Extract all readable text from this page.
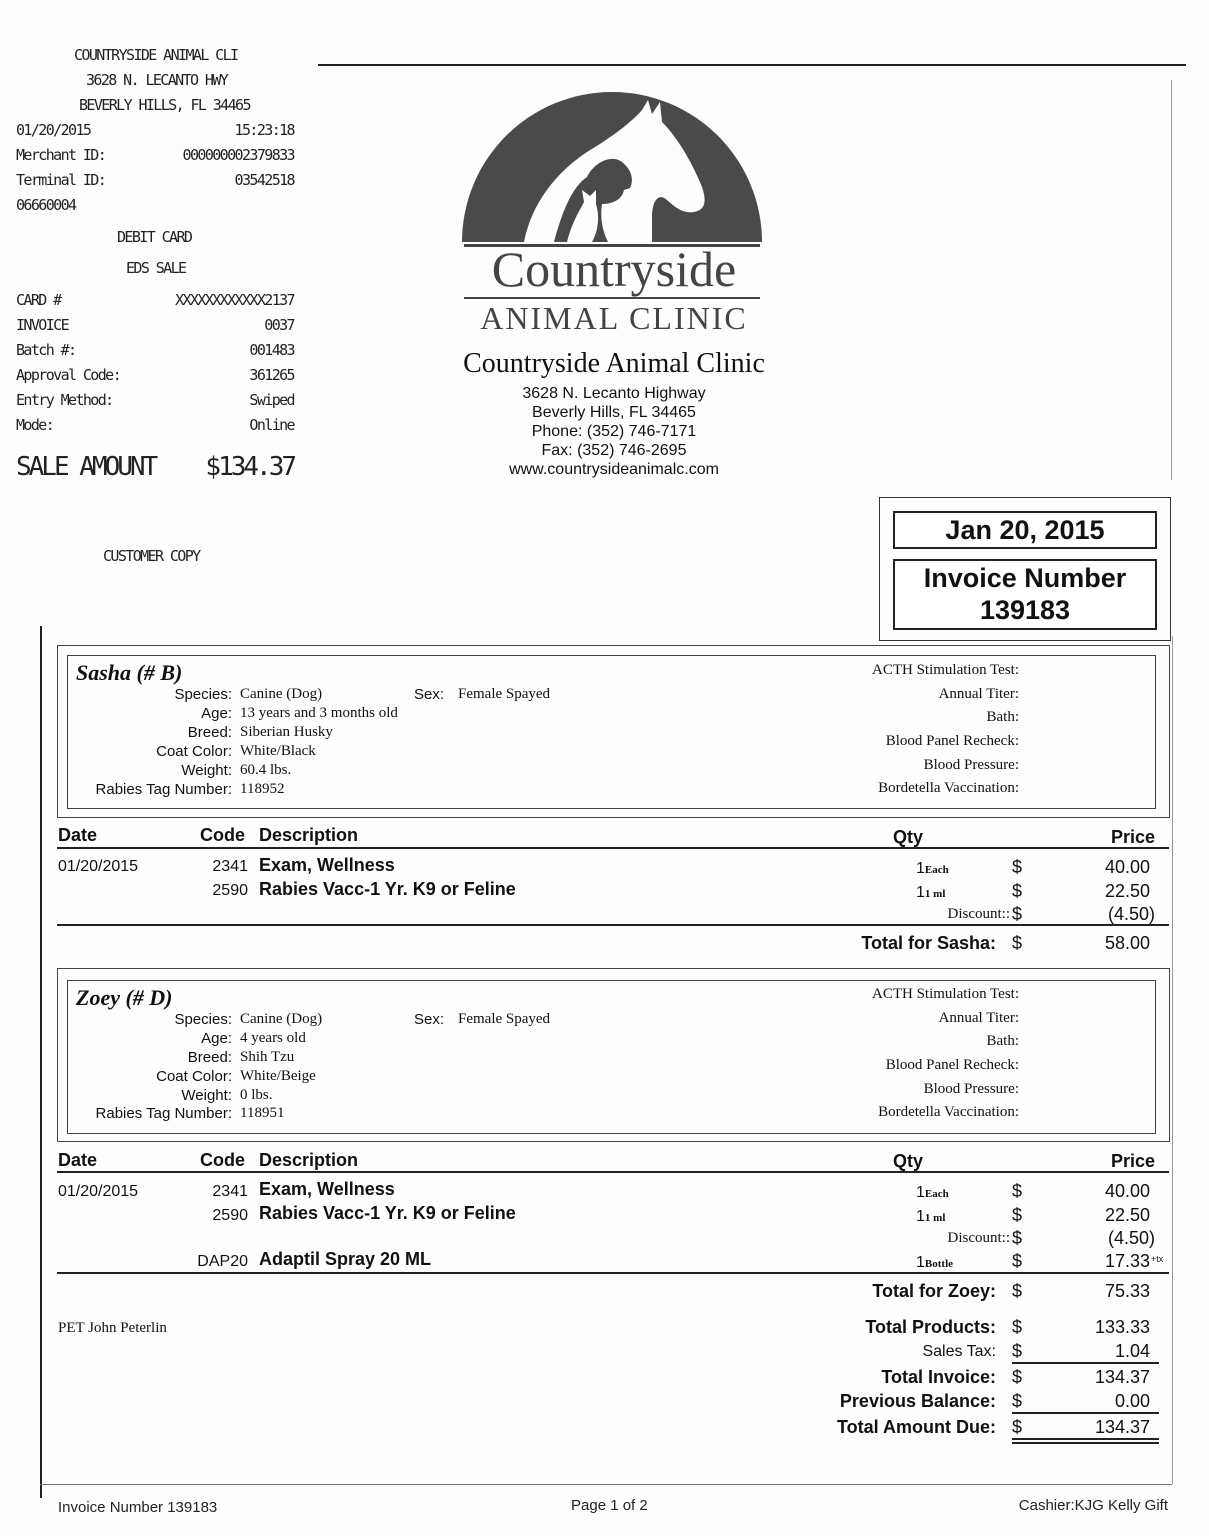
COUNTRYSIDE ANIMAL CLI
3628 N. LECANTO HWY
BEVERLY HILLS, FL 34465
01/20/2015	15:23:18
Merchant ID:	000000002379833
Terminal ID:	03542518
06660004
DEBIT CARD
EDS SALE
CARD #	XXXXXXXXXXXX2137
INVOICE	0037
Batch #:	001483
Approval Code:	361265
Entry Method:	Swiped
Mode:	Online
SALE AMOUNT $134.37
CUSTOMER COPY
Countryside
ANIMAL CLINIC
Countryside Animal Clinic
3628 N. Lecanto Highway
Beverly Hills, FL 34465
Phone: (352) 746-7171
Fax: (352) 746-2695
www.countrysideanimalc.com
Jan 20, 2015
Invoice Number
139183
Sasha (# B)
Species: Canine (Dog)	Sex: Female Spayed
Age: 13 years and 3 months old
Breed: Siberian Husky
Coat Color: White/Black
Weight: 60.4 lbs.
Rabies Tag Number: 118952
ACTH Stimulation Test:
Annual Titer:
Bath:
Blood Panel Recheck:
Blood Pressure:
Bordetella Vaccination:
Date	Code Description	Qty	Price
01/20/2015	2341 Exam, Wellness	1Each	$	40.00
2590 Rabies Vacc-1 Yr. K9 or Feline	11 ml	$	22.50
Discount:: $	(4.50)
Total for Sasha: $	58.00
Zoey (# D)
Species: Canine (Dog)	Sex: Female Spayed
Age: 4 years old
Breed: Shih Tzu
Coat Color: White/Beige
Weight: 0 lbs.
Rabies Tag Number: 118951
ACTH Stimulation Test:
Annual Titer:
Bath:
Blood Panel Recheck:
Blood Pressure:
Bordetella Vaccination:
Date	Code Description	Qty	Price
01/20/2015	2341 Exam, Wellness	1Each	$	40.00
2590 Rabies Vacc-1 Yr. K9 or Feline	11 ml	$	22.50
Discount:: $	(4.50)
DAP20 Adaptil Spray 20 ML	1Bottle	$	17.33 +tx
Total for Zoey: $	75.33
PET John Peterlin	Total Products: $	133.33
Sales Tax: $	1.04
Total Invoice: $	134.37
Previous Balance: $	0.00
Total Amount Due: $	134.37
Invoice Number 139183	Page 1 of 2	Cashier:KJG Kelly Gift
